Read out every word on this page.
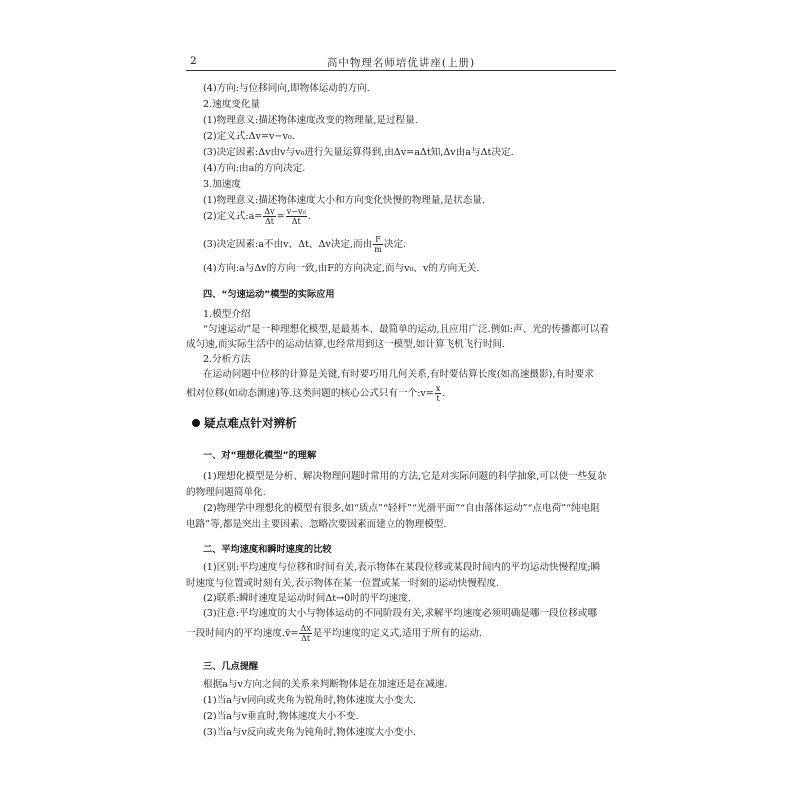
2	高中物理名师培优讲座(上册)
(4)方向:与位移同向,即物体运动的方向.
2.速度变化量
(1)物理意义:描述物体速度改变的物理量,是过程量.
(2)定义式:Δv=v−v₀.
(3)决定因素:Δv由v与v₀进行矢量运算得到,由Δv=aΔt知,Δv由a与Δt决定.
(4)方向:由a的方向决定.
3.加速度
(1)物理意义:描述物体速度大小和方向变化快慢的物理量,是状态量.
(2)定义式:a= $\frac{\Delta v}{\Delta t} = \frac{\text{v−v₀}}{\Delta t}$ .
(3)决定因素:a不由v、Δt、Δv决定,而由 $\frac{F}{m}$ 决定.
(4)方向:a与Δv的方向一致,由F的方向决定,而与v₀、v的方向无关.
四、“匀速运动”模型的实际应用
1.模型介绍
“匀速运动”是一种理想化模型,是最基本、最简单的运动,且应用广泛.例如:声、光的传播都可以看
成匀速,而实际生活中的运动估算,也经常用到这一模型,如计算飞机飞行时间.
2.分析方法
在运动问题中位移的计算是关键,有时要巧用几何关系,有时要估算长度(如高速摄影),有时要求
相对位移(如动态测速)等.这类问题的核心公式只有一个:v= $\frac{x}{t}$ .
疑点难点针对辨析
一、对“理想化模型”的理解
(1)理想化模型是分析、解决物理问题时常用的方法,它是对实际问题的科学抽象,可以使一些复杂
的物理问题简单化.
(2)物理学中理想化的模型有很多,如“质点”“轻杆”“光滑平面”“自由落体运动”“点电荷”“纯电阻
电路”等,都是突出主要因素、忽略次要因素而建立的物理模型.
二、平均速度和瞬时速度的比较
(1)区别:平均速度与位移和时间有关,表示物体在某段位移或某段时间内的平均运动快慢程度;瞬
时速度与位置或时刻有关,表示物体在某一位置或某一时刻的运动快慢程度.
(2)联系:瞬时速度是运动时间Δt→0时的平均速度.
(3)注意:平均速度的大小与物体运动的不同阶段有关,求解平均速度必须明确是哪一段位移或哪
一段时间内的平均速度.v̄= $\frac{\Delta x}{\Delta t}$ 是平均速度的定义式,适用于所有的运动.
三、几点提醒
根据a与v方向之间的关系来判断物体是在加速还是在减速.
(1)当a与v同向或夹角为锐角时,物体速度大小变大.
(2)当a与v垂直时,物体速度大小不变.
(3)当a与v反向或夹角为钝角时,物体速度大小变小.
